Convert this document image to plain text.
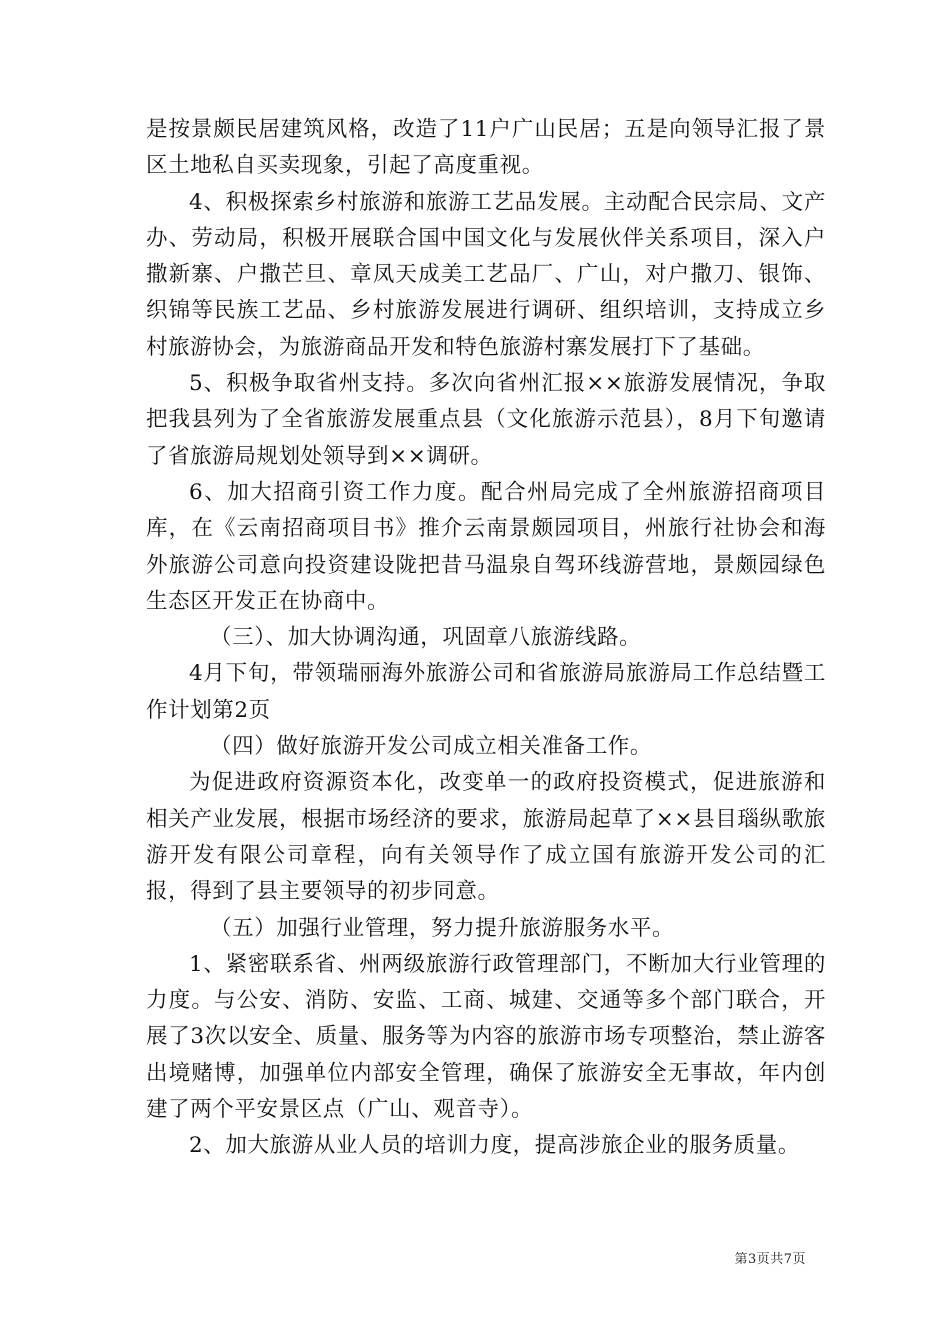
是按景颇民居建筑风格，改造了11户广山民居；五是向领导汇报了景区土地私自买卖现象，引起了高度重视。

4、积极探索乡村旅游和旅游工艺品发展。主动配合民宗局、文产办、劳动局，积极开展联合国中国文化与发展伙伴关系项目，深入户撒新寨、户撒芒旦、章凤天成美工艺品厂、广山，对户撒刀、银饰、织锦等民族工艺品、乡村旅游发展进行调研、组织培训，支持成立乡村旅游协会，为旅游商品开发和特色旅游村寨发展打下了基础。

5、积极争取省州支持。多次向省州汇报××旅游发展情况，争取把我县列为了全省旅游发展重点县（文化旅游示范县），8月下旬邀请了省旅游局规划处领导到××调研。

6、加大招商引资工作力度。配合州局完成了全州旅游招商项目库，在《云南招商项目书》推介云南景颇园项目，州旅行社协会和海外旅游公司意向投资建设陇把昔马温泉自驾环线游营地，景颇园绿色生态区开发正在协商中。

（三）、加大协调沟通，巩固章八旅游线路。

4月下旬，带领瑞丽海外旅游公司和省旅游局旅游局工作总结暨工作计划第2页

（四）做好旅游开发公司成立相关准备工作。

为促进政府资源资本化，改变单一的政府投资模式，促进旅游和相关产业发展，根据市场经济的要求，旅游局起草了××县目瑙纵歌旅游开发有限公司章程，向有关领导作了成立国有旅游开发公司的汇报，得到了县主要领导的初步同意。

（五）加强行业管理，努力提升旅游服务水平。

1、紧密联系省、州两级旅游行政管理部门，不断加大行业管理的力度。与公安、消防、安监、工商、城建、交通等多个部门联合，开展了3次以安全、质量、服务等为内容的旅游市场专项整治，禁止游客出境赌博，加强单位内部安全管理，确保了旅游安全无事故，年内创建了两个平安景区点（广山、观音寺）。

2、加大旅游从业人员的培训力度，提高涉旅企业的服务质量。

第3页共7页
